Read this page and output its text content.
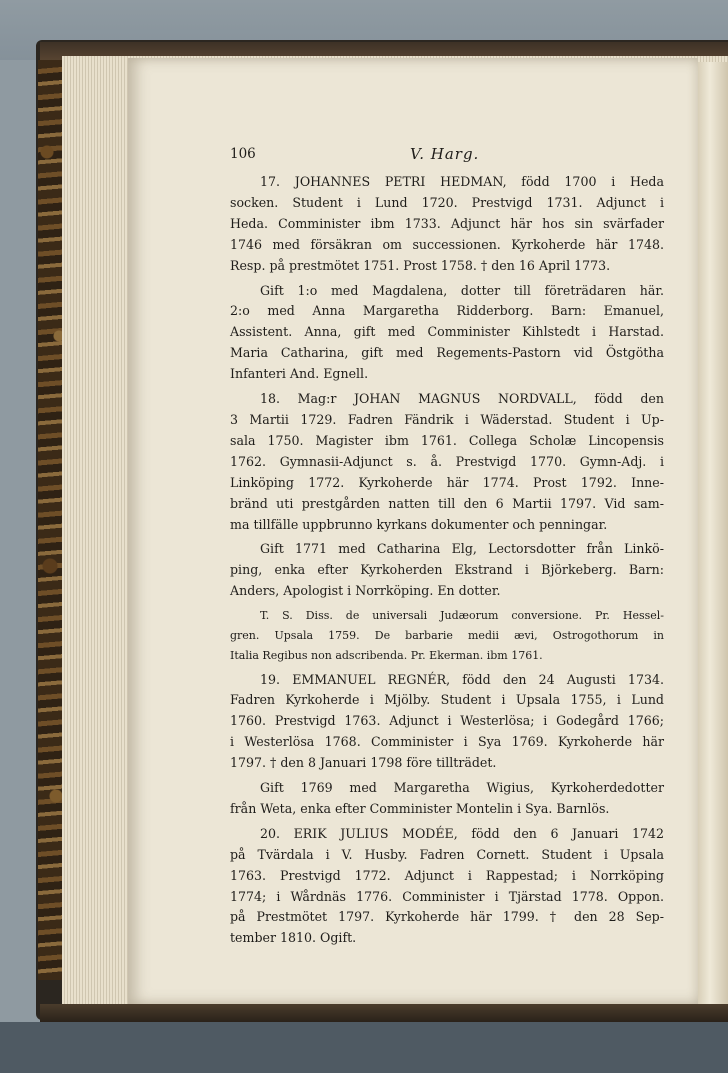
106	V. Harg.
17. JOHANNES PETRI HEDMAN, född 1700 i Heda
socken. Student i Lund 1720. Prestvigd 1731. Adjunct i
Heda. Comminister ibm 1733. Adjunct här hos sin svärfader
1746 med försäkran om successionen. Kyrkoherde här 1748.
Resp. på prestmötet 1751. Prost 1758. † den 16 April 1773.
Gift 1:o med Magdalena, dotter till företrädaren här.
2:o med Anna Margaretha Ridderborg. Barn: Emanuel,
Assistent. Anna, gift med Comminister Kihlstedt i Harstad.
Maria Catharina, gift med Regements-Pastorn vid Östgötha
Infanteri And. Egnell.
18. Mag:r JOHAN MAGNUS NORDVALL, född den
3 Martii 1729. Fadren Fändrik i Wäderstad. Student i Up-
sala 1750. Magister ibm 1761. Collega Scholæ Lincopensis
1762. Gymnasii-Adjunct s. å. Prestvigd 1770. Gymn-Adj. i
Linköping 1772. Kyrkoherde här 1774. Prost 1792. Inne-
bränd uti prestgården natten till den 6 Martii 1797. Vid sam-
ma tillfälle uppbrunno kyrkans dokumenter och penningar.
Gift 1771 med Catharina Elg, Lectorsdotter från Linkö-
ping, enka efter Kyrkoherden Ekstrand i Björkeberg. Barn:
Anders, Apologist i Norrköping. En dotter.
T. S. Diss. de universali Judæorum conversione. Pr. Hessel-
gren. Upsala 1759. De barbarie medii ævi, Ostrogothorum in
Italia Regibus non adscribenda. Pr. Ekerman. ibm 1761.
19. EMMANUEL REGNÉR, född den 24 Augusti 1734.
Fadren Kyrkoherde i Mjölby. Student i Upsala 1755, i Lund
1760. Prestvigd 1763. Adjunct i Westerlösa; i Godegård 1766;
i Westerlösa 1768. Comminister i Sya 1769. Kyrkoherde här
1797. † den 8 Januari 1798 före tillträdet.
Gift 1769 med Margaretha Wigius, Kyrkoherdedotter
från Weta, enka efter Comminister Montelin i Sya. Barnlös.
20. ERIK JULIUS MODÉE, född den 6 Januari 1742
på Tvärdala i V. Husby. Fadren Cornett. Student i Upsala
1763. Prestvigd 1772. Adjunct i Rappestad; i Norrköping
1774; i Wårdnäs 1776. Comminister i Tjärstad 1778. Oppon.
på Prestmötet 1797. Kyrkoherde här 1799. † den 28 Sep-
tember 1810. Ogift.
